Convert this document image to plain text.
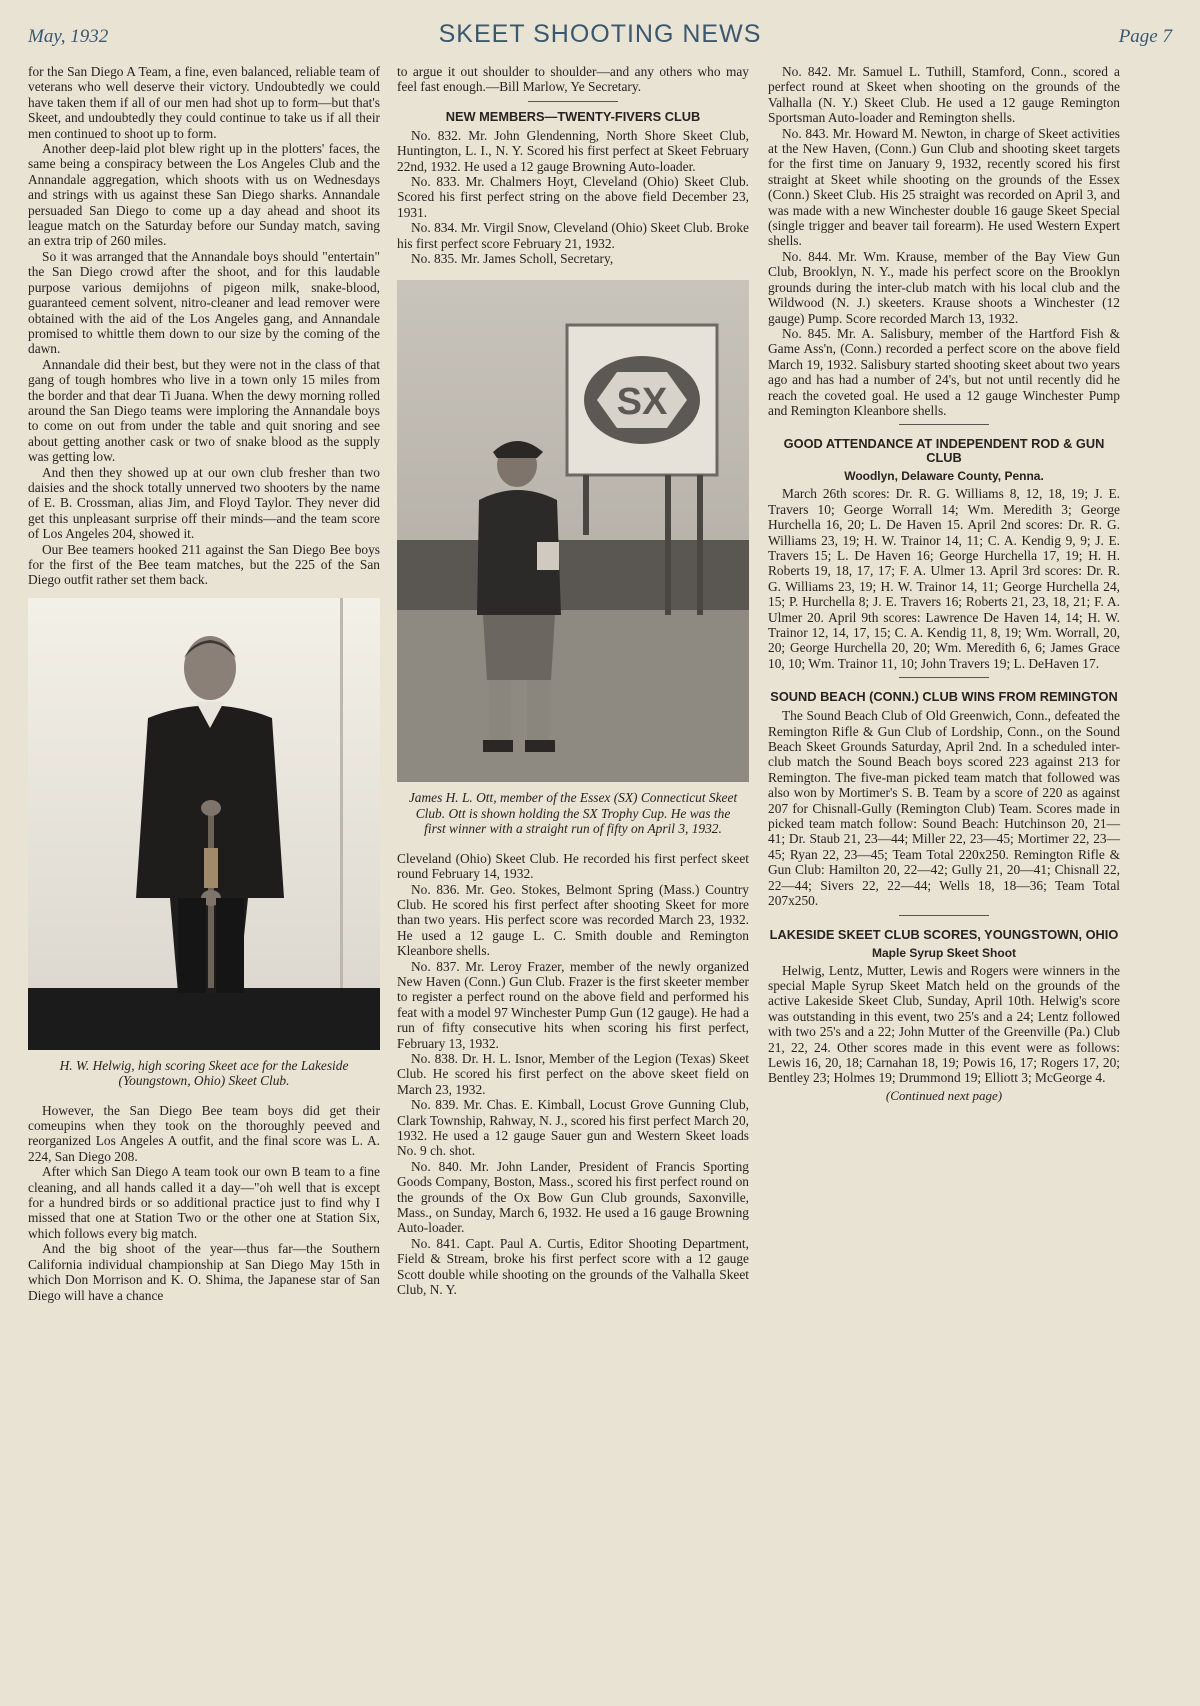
May, 1932	SKEET SHOOTING NEWS	Page 7

for the San Diego A Team, a fine, even balanced, reliable team of veterans who well deserve their victory. Undoubtedly we could have taken them if all of our men had shot up to form—but that's Skeet, and undoubtedly they could continue to take us if all their men continued to shoot up to form.

Another deep-laid plot blew right up in the plotters' faces, the same being a conspiracy between the Los Angeles Club and the Annandale aggregation, which shoots with us on Wednesdays and strings with us against these San Diego sharks. Annandale persuaded San Diego to come up a day ahead and shoot its league match on the Saturday before our Sunday match, saving an extra trip of 260 miles.

So it was arranged that the Annandale boys should "entertain" the San Diego crowd after the shoot, and for this laudable purpose various demijohns of pigeon milk, snake-blood, guaranteed cement solvent, nitro-cleaner and lead remover were obtained with the aid of the Los Angeles gang, and Annandale promised to whittle them down to our size by the coming of the dawn.

Annandale did their best, but they were not in the class of that gang of tough hombres who live in a town only 15 miles from the border and that dear Ti Juana. When the dewy morning rolled around the San Diego teams were imploring the Annandale boys to come on out from under the table and quit snoring and see about getting another cask or two of snake blood as the supply was getting low.

And then they showed up at our own club fresher than two daisies and the shock totally unnerved two shooters by the name of E. B. Crossman, alias Jim, and Floyd Taylor. They never did get this unpleasant surprise off their minds—and the team score of Los Angeles 204, showed it.

Our Bee teamers hooked 211 against the San Diego Bee boys for the first of the Bee team matches, but the 225 of the San Diego outfit rather set them back.

H. W. Helwig, high scoring Skeet ace for the Lakeside (Youngstown, Ohio) Skeet Club.

However, the San Diego Bee team boys did get their comeupins when they took on the thoroughly peeved and reorganized Los Angeles A outfit, and the final score was L. A. 224, San Diego 208.

After which San Diego A team took our own B team to a fine cleaning, and all hands called it a day—"oh well that is except for a hundred birds or so additional practice just to find why I missed that one at Station Two or the other one at Station Six, which follows every big match.

And the big shoot of the year—thus far—the Southern California individual championship at San Diego May 15th in which Don Morrison and K. O. Shima, the Japanese star of San Diego will have a chance

to argue it out shoulder to shoulder—and any others who may feel fast enough.—Bill Marlow, Ye Secretary.

NEW MEMBERS—TWENTY-FIVERS CLUB

No. 832. Mr. John Glendenning, North Shore Skeet Club, Huntington, L. I., N. Y. Scored his first perfect at Skeet February 22nd, 1932. He used a 12 gauge Browning Auto-loader.

No. 833. Mr. Chalmers Hoyt, Cleveland (Ohio) Skeet Club. Scored his first perfect string on the above field December 23, 1931.

No. 834. Mr. Virgil Snow, Cleveland (Ohio) Skeet Club. Broke his first perfect score February 21, 1932.

No. 835. Mr. James Scholl, Secretary,

SX
James H. L. Ott, member of the Essex (SX) Connecticut Skeet Club. Ott is shown holding the SX Trophy Cup. He was the first winner with a straight run of fifty on April 3, 1932.

Cleveland (Ohio) Skeet Club. He recorded his first perfect skeet round February 14, 1932.

No. 836. Mr. Geo. Stokes, Belmont Spring (Mass.) Country Club. He scored his first perfect after shooting Skeet for more than two years. His perfect score was recorded March 23, 1932. He used a 12 gauge L. C. Smith double and Remington Kleanbore shells.

No. 837. Mr. Leroy Frazer, member of the newly organized New Haven (Conn.) Gun Club. Frazer is the first skeeter member to register a perfect round on the above field and performed his feat with a model 97 Winchester Pump Gun (12 gauge). He had a run of fifty consecutive hits when scoring his first perfect, February 13, 1932.

No. 838. Dr. H. L. Isnor, Member of the Legion (Texas) Skeet Club. He scored his first perfect on the above skeet field on March 23, 1932.

No. 839. Mr. Chas. E. Kimball, Locust Grove Gunning Club, Clark Township, Rahway, N. J., scored his first perfect March 20, 1932. He used a 12 gauge Sauer gun and Western Skeet loads No. 9 ch. shot.

No. 840. Mr. John Lander, President of Francis Sporting Goods Company, Boston, Mass., scored his first perfect round on the grounds of the Ox Bow Gun Club grounds, Saxonville, Mass., on Sunday, March 6, 1932. He used a 16 gauge Browning Auto-loader.

No. 841. Capt. Paul A. Curtis, Editor Shooting Department, Field & Stream, broke his first perfect score with a 12 gauge Scott double while shooting on the grounds of the Valhalla Skeet Club, N. Y.

No. 842. Mr. Samuel L. Tuthill, Stamford, Conn., scored a perfect round at Skeet when shooting on the grounds of the Valhalla (N. Y.) Skeet Club. He used a 12 gauge Remington Sportsman Auto-loader and Remington shells.

No. 843. Mr. Howard M. Newton, in charge of Skeet activities at the New Haven, (Conn.) Gun Club and shooting skeet targets for the first time on January 9, 1932, recently scored his first straight at Skeet while shooting on the grounds of the Essex (Conn.) Skeet Club. His 25 straight was recorded on April 3, and was made with a new Winchester double 16 gauge Skeet Special (single trigger and beaver tail forearm). He used Western Expert shells.

No. 844. Mr. Wm. Krause, member of the Bay View Gun Club, Brooklyn, N. Y., made his perfect score on the Brooklyn grounds during the inter-club match with his local club and the Wildwood (N. J.) skeeters. Krause shoots a Winchester (12 gauge) Pump. Score recorded March 13, 1932.

No. 845. Mr. A. Salisbury, member of the Hartford Fish & Game Ass'n, (Conn.) recorded a perfect score on the above field March 19, 1932. Salisbury started shooting skeet about two years ago and has had a number of 24's, but not until recently did he reach the coveted goal. He used a 12 gauge Winchester Pump and Remington Kleanbore shells.

GOOD ATTENDANCE AT INDEPENDENT ROD & GUN CLUB
Woodlyn, Delaware County, Penna.

March 26th scores: Dr. R. G. Williams 8, 12, 18, 19; J. E. Travers 10; George Worrall 14; Wm. Meredith 3; George Hurchella 16, 20; L. De Haven 15. April 2nd scores: Dr. R. G. Williams 23, 19; H. W. Trainor 14, 11; C. A. Kendig 9, 9; J. E. Travers 15; L. De Haven 16; George Hurchella 17, 19; H. H. Roberts 19, 18, 17, 17; F. A. Ulmer 13. April 3rd scores: Dr. R. G. Williams 23, 19; H. W. Trainor 14, 11; George Hurchella 24, 15; P. Hurchella 8; J. E. Travers 16; Roberts 21, 23, 18, 21; F. A. Ulmer 20. April 9th scores: Lawrence De Haven 14, 14; H. W. Trainor 12, 14, 17, 15; C. A. Kendig 11, 8, 19; Wm. Worrall, 20, 20; George Hurchella 20, 20; Wm. Meredith 6, 6; James Grace 10, 10; Wm. Trainor 11, 10; John Travers 19; L. DeHaven 17.

SOUND BEACH (CONN.) CLUB WINS FROM REMINGTON

The Sound Beach Club of Old Greenwich, Conn., defeated the Remington Rifle & Gun Club of Lordship, Conn., on the Sound Beach Skeet Grounds Saturday, April 2nd. In a scheduled inter-club match the Sound Beach boys scored 223 against 213 for Remington. The five-man picked team match that followed was also won by Mortimer's S. B. Team by a score of 220 as against 207 for Chisnall-Gully (Remington Club) Team. Scores made in picked team match follow: Sound Beach: Hutchinson 20, 21—41; Dr. Staub 21, 23—44; Miller 22, 23—45; Mortimer 22, 23—45; Ryan 22, 23—45; Team Total 220x250. Remington Rifle & Gun Club: Hamilton 20, 22—42; Gully 21, 20—41; Chisnall 22, 22—44; Sivers 22, 22—44; Wells 18, 18—36; Team Total 207x250.

LAKESIDE SKEET CLUB SCORES, YOUNGSTOWN, OHIO
Maple Syrup Skeet Shoot

Helwig, Lentz, Mutter, Lewis and Rogers were winners in the special Maple Syrup Skeet Match held on the grounds of the active Lakeside Skeet Club, Sunday, April 10th. Helwig's score was outstanding in this event, two 25's and a 24; Lentz followed with two 25's and a 22; John Mutter of the Greenville (Pa.) Club 21, 22, 24. Other scores made in this event were as follows: Lewis 16, 20, 18; Carnahan 18, 19; Powis 16, 17; Rogers 17, 20; Bentley 23; Holmes 19; Drummond 19; Elliott 3; McGeorge 4.

(Continued next page)
